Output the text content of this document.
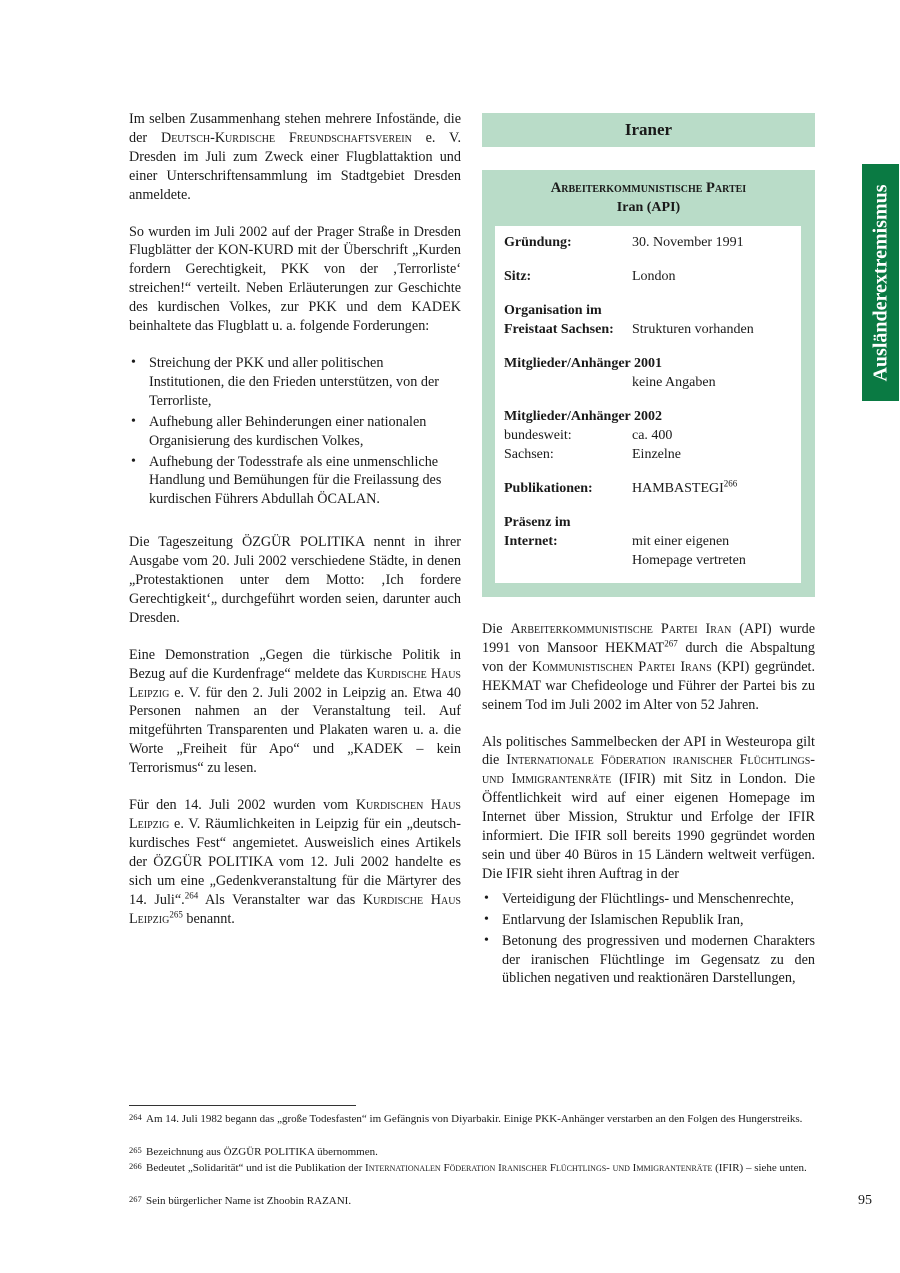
Im selben Zusammenhang stehen mehrere Infostände, die der Deutsch-Kurdische Freundschaftsverein e. V. Dresden im Juli zum Zweck einer Flugblattaktion und einer Unterschriftensammlung im Stadtgebiet Dresden anmeldete.

So wurden im Juli 2002 auf der Prager Straße in Dresden Flugblätter der KON-KURD mit der Überschrift „Kurden fordern Gerechtigkeit, PKK von der ‚Terrorliste‘ streichen!“ verteilt. Neben Erläuterungen zur Geschichte des kurdischen Volkes, zur PKK und dem KADEK beinhaltete das Flugblatt u. a. folgende Forderungen:

• Streichung der PKK und aller politischen Institutionen, die den Frieden unterstützen, von der Terrorliste,
• Aufhebung aller Behinderungen einer nationalen Organisierung des kurdischen Volkes,
• Aufhebung der Todesstrafe als eine unmenschliche Handlung und Bemühungen für die Freilassung des kurdischen Führers Abdullah ÖCALAN.

Die Tageszeitung ÖZGÜR POLITIKA nennt in ihrer Ausgabe vom 20. Juli 2002 verschiedene Städte, in denen „Protestaktionen unter dem Motto: ‚Ich fordere Gerechtigkeit‘„ durchgeführt worden seien, darunter auch Dresden.

Eine Demonstration „Gegen die türkische Politik in Bezug auf die Kurdenfrage“ meldete das Kurdische Haus Leipzig e. V. für den 2. Juli 2002 in Leipzig an. Etwa 40 Personen nahmen an der Veranstaltung teil. Auf mitgeführten Transparenten und Plakaten waren u. a. die Worte „Freiheit für Apo“ und „KADEK – kein Terrorismus“ zu lesen.

Für den 14. Juli 2002 wurden vom Kurdischen Haus Leipzig e. V. Räumlichkeiten in Leipzig für ein „deutsch-kurdisches Fest“ angemietet. Ausweislich eines Artikels der ÖZGÜR POLITIKA vom 12. Juli 2002 handelte es sich um eine „Gedenkveranstaltung für die Märtyrer des 14. Juli“.$^{264}$ Als Veranstalter war das Kurdische Haus Leipzig$^{265}$ benannt.

Iraner
Arbeiterkommunistische Partei
Iran (API)
Gründung:	30. November 1991
Sitz:	London
Organisation im
Freistaat Sachsen: Strukturen vorhanden
Mitglieder/Anhänger 2001
keine Angaben
Mitglieder/Anhänger 2002
bundesweit:	ca. 400
Sachsen:	Einzelne
Publikationen:	HAMBASTEGI$^{266}$
Präsenz im
Internet:	mit einer eigenen
Homepage vertreten

Die Arbeiterkommunistische Partei Iran (API) wurde 1991 von Mansoor HEKMAT$^{267}$ durch die Abspaltung von der Kommunistischen Partei Irans (KPI) gegründet. HEKMAT war Chefideologe und Führer der Partei bis zu seinem Tod im Juli 2002 im Alter von 52 Jahren.

Als politisches Sammelbecken der API in Westeuropa gilt die Internationale Föderation iranischer Flüchtlings- und Immigrantenräte (IFIR) mit Sitz in London. Die Öffentlichkeit wird auf einer eigenen Homepage im Internet über Mission, Struktur und Erfolge der IFIR informiert. Die IFIR soll bereits 1990 gegründet worden sein und über 40 Büros in 15 Ländern weltweit verfügen. Die IFIR sieht ihren Auftrag in der

• Verteidigung der Flüchtlings- und Menschenrechte,
• Entlarvung der Islamischen Republik Iran,
• Betonung des progressiven und modernen Charakters der iranischen Flüchtlinge im Gegensatz zu den üblichen negativen und reaktionären Darstellungen,
Ausländerextremismus
264 Am 14. Juli 1982 begann das „große Todesfasten“ im Gefängnis von Diyarbakir. Einige PKK-Anhänger verstarben an den Folgen des Hungerstreiks.
265 Bezeichnung aus ÖZGÜR POLITIKA übernommen.
266 Bedeutet „Solidarität“ und ist die Publikation der Internationalen Föderation Iranischer Flüchtlings- und Immigrantenräte (IFIR) – siehe unten.
267 Sein bürgerlicher Name ist Zhoobin RAZANI.	95
